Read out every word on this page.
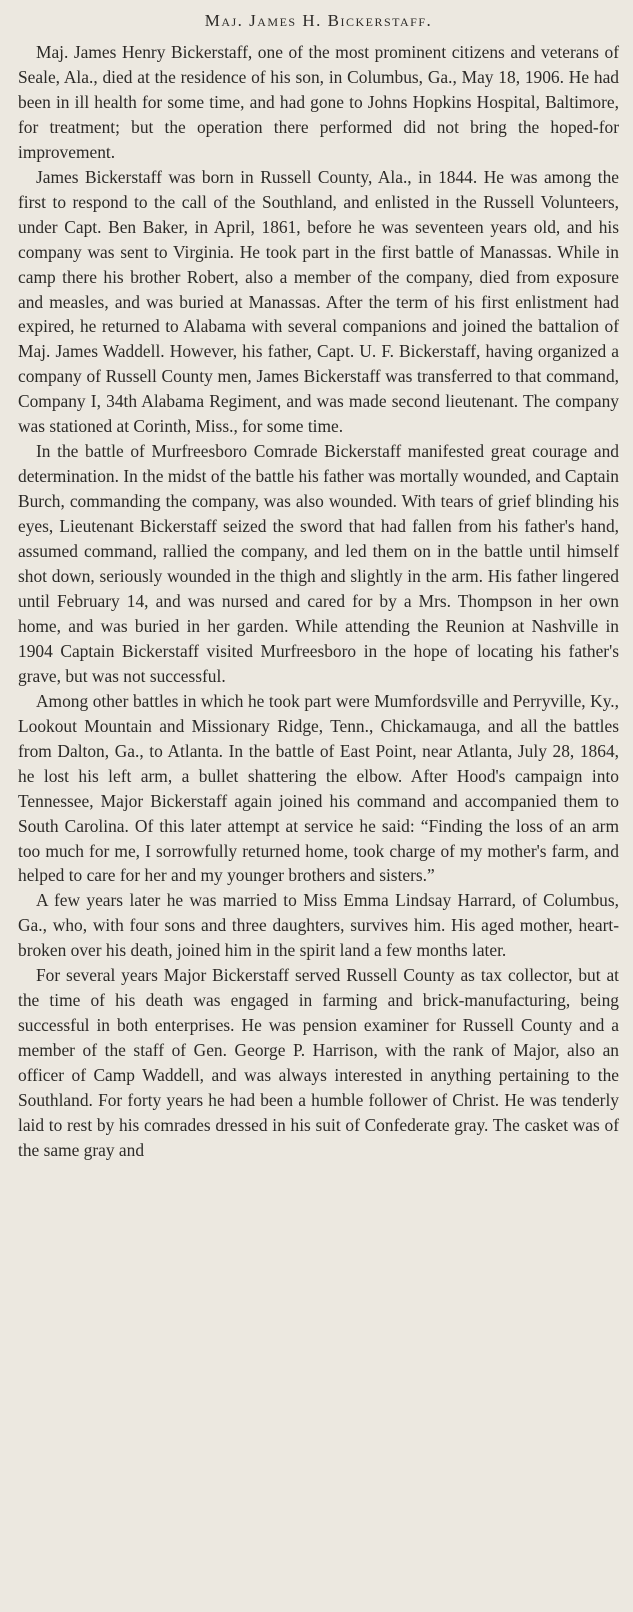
Maj. James H. Bickerstaff.

Maj. James Henry Bickerstaff, one of the most prominent citizens and veterans of Seale, Ala., died at the residence of his son, in Columbus, Ga., May 18, 1906. He had been in ill health for some time, and had gone to Johns Hopkins Hospital, Baltimore, for treatment; but the operation there performed did not bring the hoped-for improvement.

James Bickerstaff was born in Russell County, Ala., in 1844. He was among the first to respond to the call of the Southland, and enlisted in the Russell Volunteers, under Capt. Ben Baker, in April, 1861, before he was seventeen years old, and his company was sent to Virginia. He took part in the first battle of Manassas. While in camp there his brother Robert, also a member of the company, died from exposure and measles, and was buried at Manassas. After the term of his first enlistment had expired, he returned to Alabama with several companions and joined the battalion of Maj. James Waddell. However, his father, Capt. U. F. Bickerstaff, having organized a company of Russell County men, James Bickerstaff was transferred to that command, Company I, 34th Alabama Regiment, and was made second lieutenant. The company was stationed at Corinth, Miss., for some time.

In the battle of Murfreesboro Comrade Bickerstaff manifested great courage and determination. In the midst of the battle his father was mortally wounded, and Captain Burch, commanding the company, was also wounded. With tears of grief blinding his eyes, Lieutenant Bickerstaff seized the sword that had fallen from his father's hand, assumed command, rallied the company, and led them on in the battle until himself shot down, seriously wounded in the thigh and slightly in the arm. His father lingered until February 14, and was nursed and cared for by a Mrs. Thompson in her own home, and was buried in her garden. While attending the Reunion at Nashville in 1904 Captain Bickerstaff visited Murfreesboro in the hope of locating his father's grave, but was not successful.

Among other battles in which he took part were Mumfordsville and Perryville, Ky., Lookout Mountain and Missionary Ridge, Tenn., Chickamauga, and all the battles from Dalton, Ga., to Atlanta. In the battle of East Point, near Atlanta, July 28, 1864, he lost his left arm, a bullet shattering the elbow. After Hood's campaign into Tennessee, Major Bickerstaff again joined his command and accompanied them to South Carolina. Of this later attempt at service he said: “Finding the loss of an arm too much for me, I sorrowfully returned home, took charge of my mother's farm, and helped to care for her and my younger brothers and sisters.”

A few years later he was married to Miss Emma Lindsay Harrard, of Columbus, Ga., who, with four sons and three daughters, survives him. His aged mother, heart-broken over his death, joined him in the spirit land a few months later.

For several years Major Bickerstaff served Russell County as tax collector, but at the time of his death was engaged in farming and brick-manufacturing, being successful in both enterprises. He was pension examiner for Russell County and a member of the staff of Gen. George P. Harrison, with the rank of Major, also an officer of Camp Waddell, and was always interested in anything pertaining to the Southland. For forty years he had been a humble follower of Christ. He was tenderly laid to rest by his comrades dressed in his suit of Confederate gray. The casket was of the same gray and
